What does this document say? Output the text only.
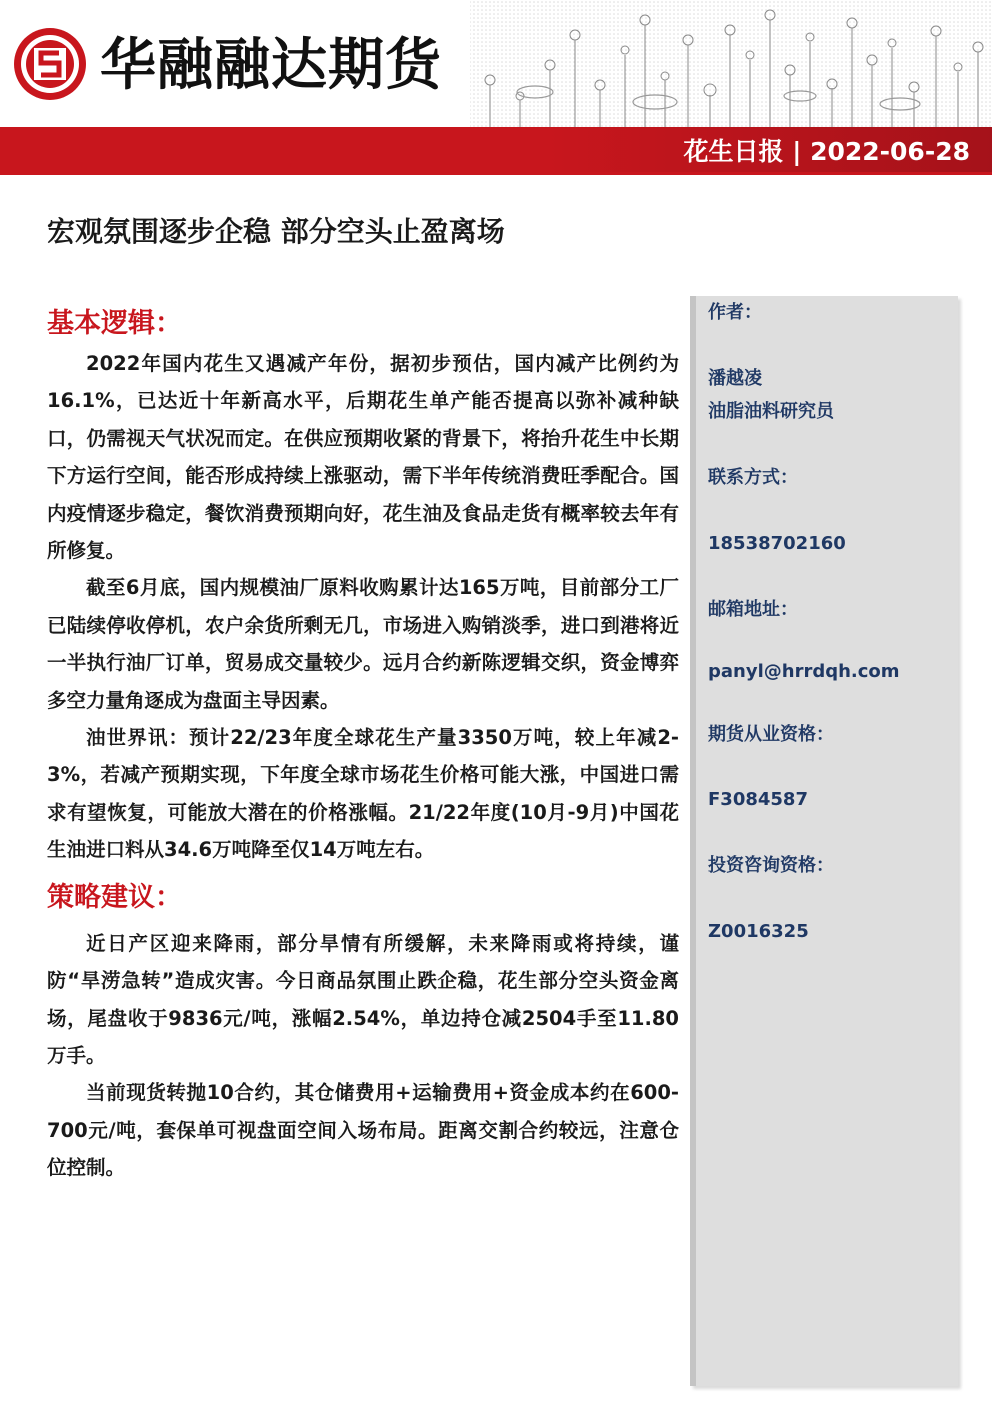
华融融达期货
花生日报 | 2022-06-28
宏观氛围逐步企稳 部分空头止盈离场
基本逻辑：

2022年国内花生又遇减产年份，据初步预估，国内减产比例约为16.1%，已达近十年新高水平，后期花生单产能否提高以弥补减种缺口，仍需视天气状况而定。在供应预期收紧的背景下，将抬升花生中长期下方运行空间，能否形成持续上涨驱动，需下半年传统消费旺季配合。国内疫情逐步稳定，餐饮消费预期向好，花生油及食品走货有概率较去年有所修复。

截至6月底，国内规模油厂原料收购累计达165万吨，目前部分工厂已陆续停收停机，农户余货所剩无几，市场进入购销淡季，进口到港将近一半执行油厂订单，贸易成交量较少。远月合约新陈逻辑交织，资金博弈多空力量角逐成为盘面主导因素。

油世界讯：预计22/23年度全球花生产量3350万吨，较上年减2-3%，若减产预期实现，下年度全球市场花生价格可能大涨，中国进口需求有望恢复，可能放大潜在的价格涨幅。21/22年度(10月-9月)中国花生油进口料从34.6万吨降至仅14万吨左右。

策略建议：

近日产区迎来降雨，部分旱情有所缓解，未来降雨或将持续，谨防“旱涝急转”造成灾害。今日商品氛围止跌企稳，花生部分空头资金离场，尾盘收于9836元/吨，涨幅2.54%，单边持仓减2504手至11.80万手。

当前现货转抛10合约，其仓储费用+运输费用+资金成本约在600-700元/吨，套保单可视盘面空间入场布局。距离交割合约较远，注意仓位控制。

作者：
潘越凌
油脂油料研究员
联系方式：
18538702160
邮箱地址：
panyl@hrrdqh.com
期货从业资格：
F3084587
投资咨询资格：
Z0016325
